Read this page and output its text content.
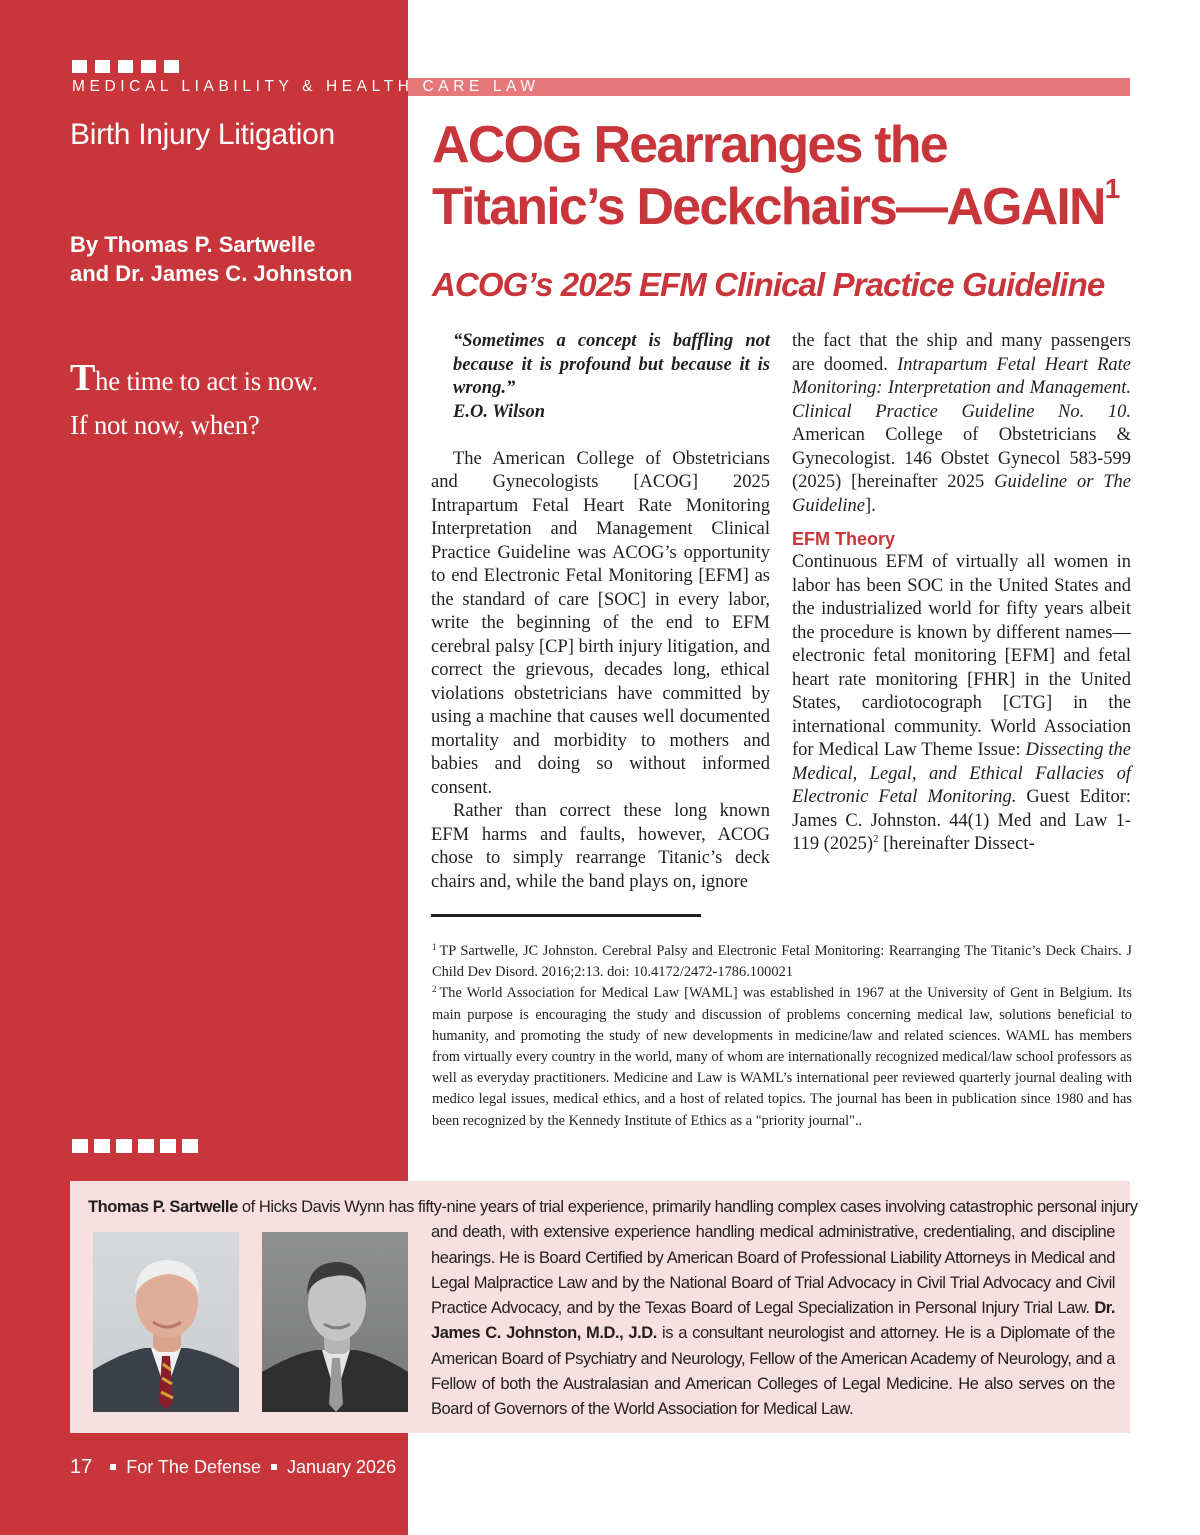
MEDICAL LIABILITY & HEALTH CARE LAW
Birth Injury Litigation
By Thomas P. Sartwelle
and Dr. James C. Johnston
The time to act is now.
If not now, when?
ACOG Rearranges the
Titanic’s Deckchairs—AGAIN$^1$
ACOG’s 2025 EFM Clinical Practice Guideline
“Sometimes a concept is baffling not because it is profound but because it is wrong.”
E.O. Wilson

The American College of Obstetricians and Gynecologists [ACOG] 2025 Intrapartum Fetal Heart Rate Monitoring Interpretation and Management Clinical Practice Guideline was ACOG’s opportunity to end Electronic Fetal Monitoring [EFM] as the standard of care [SOC] in every labor, write the beginning of the end to EFM cerebral palsy [CP] birth injury litigation, and correct the grievous, decades long, ethical violations obstetricians have committed by using a machine that causes well documented mortality and morbidity to mothers and babies and doing so without informed consent.

Rather than correct these long known EFM harms and faults, however, ACOG chose to simply rearrange Titanic’s deck chairs and, while the band plays on, ignore

the fact that the ship and many passengers are doomed. Intrapartum Fetal Heart Rate Monitoring: Interpretation and Management. Clinical Practice Guideline No. 10. American College of Obstetricians & Gynecologist. 146 Obstet Gynecol 583-599 (2025) [hereinafter 2025 Guideline or The Guideline].

EFM Theory

Continuous EFM of virtually all women in labor has been SOC in the United States and the industrialized world for fifty years albeit the procedure is known by different names—electronic fetal monitoring [EFM] and fetal heart rate monitoring [FHR] in the United States, cardiotocograph [CTG] in the international community. World Association for Medical Law Theme Issue: Dissecting the Medical, Legal, and Ethical Fallacies of Electronic Fetal Monitoring. Guest Editor: James C. Johnston. 44(1) Med and Law 1-119 $(2025)^2$ [hereinafter Dissect-

$^1$ TP Sartwelle, JC Johnston. Cerebral Palsy and Electronic Fetal Monitoring: Rearranging The Titanic’s Deck Chairs. J Child Dev Disord. 2016;2:13. doi: 10.4172/2472-1786.100021
$^2$ The World Association for Medical Law [WAML] was established in 1967 at the University of Gent in Belgium. Its main purpose is encouraging the study and discussion of problems concerning medical law, solutions beneficial to humanity, and promoting the study of new developments in medicine/law and related sciences. WAML has members from virtually every country in the world, many of whom are internationally recognized medical/law school professors as well as everyday practitioners. Medicine and Law is WAML’s international peer reviewed quarterly journal dealing with medico legal issues, medical ethics, and a host of related topics. The journal has been in publication since 1980 and has been recognized by the Kennedy Institute of Ethics as a "priority journal"..
Thomas P. Sartwelle of Hicks Davis Wynn has fifty-nine years of trial experience, primarily handling complex cases involving catastrophic personal injury
and death, with extensive experience handling medical administrative, credentialing, and discipline hearings. He is Board Certified by American Board of Professional Liability Attorneys in Medical and Legal Malpractice Law and by the National Board of Trial Advocacy in Civil Trial Advocacy and Civil Practice Advocacy, and by the Texas Board of Legal Specialization in Personal Injury Trial Law. Dr. James C. Johnston, M.D., J.D. is a consultant neurologist and attorney. He is a Diplomate of the American Board of Psychiatry and Neurology, Fellow of the American Academy of Neurology, and a Fellow of both the Australasian and American Colleges of Legal Medicine. He also serves on the Board of Governors of the World Association for Medical Law.
17 For The Defense January 2026
